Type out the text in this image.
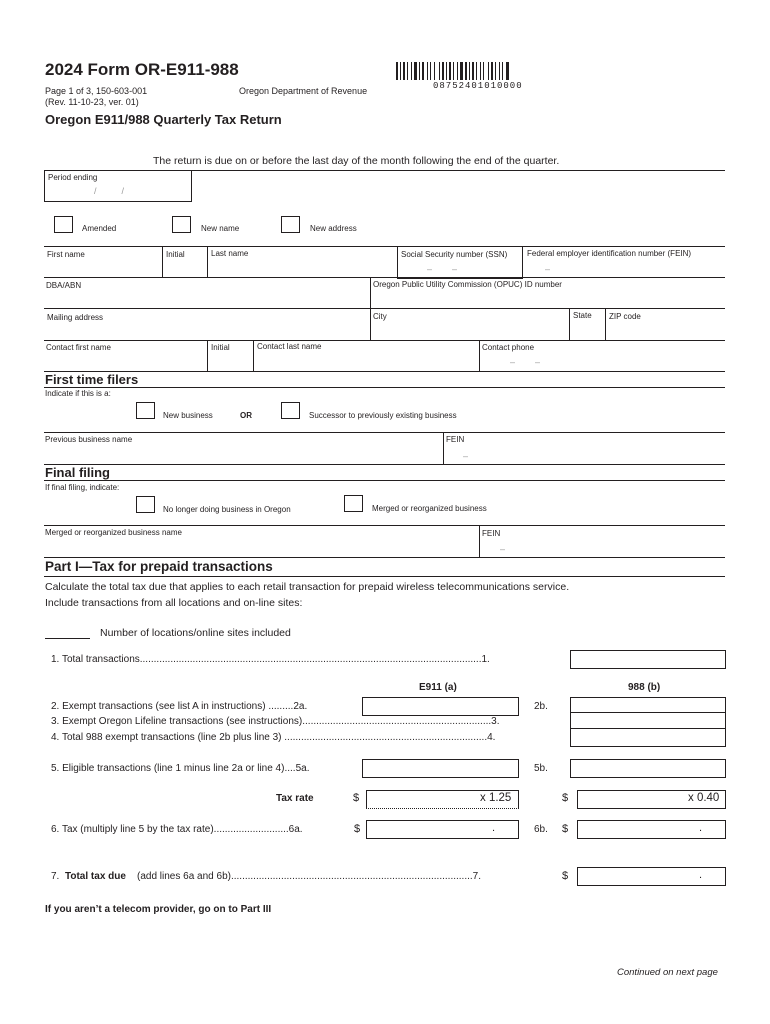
2024 Form OR-E911-988
Page 1 of 3, 150-603-001
(Rev. 11-10-23, ver. 01)
Oregon Department of Revenue	08752401010000
Oregon E911/988 Quarterly Tax Return
The return is due on or before the last day of the month following the end of the quarter.
Period ending
/          /
Amended	New name	New address
First name	Initial	Last name	Social Security number (SSN)
–        –
Federal employer identification number (FEIN)
–
DBA/ABN	Oregon Public Utility Commission (OPUC) ID number
Mailing address	City	State ZIP code
Contact first name	Initial	Contact last name	Contact phone
–        –
First time filers
Indicate if this is a:
New business	OR	Successor to previously existing business
Previous business name	FEIN
–
Final filing
If final filing, indicate:
No longer doing business in Oregon	Merged or reorganized business
Merged or reorganized business name	FEIN
–
Part I—Tax for prepaid transactions
Calculate the total tax due that applies to each retail transaction for prepaid wireless telecommunications service.
Include transactions from all locations and on-line sites:
Number of locations/online sites included
1. Total transactions...........................................................................................................................1.
E911 (a)	988 (b)
2. Exempt transactions (see list A in instructions) .........2a.	2b.
3. Exempt Oregon Lifeline transactions (see instructions)....................................................................3.
4. Total 988 exempt transactions (line 2b plus line 3) .........................................................................4.
5. Eligible transactions (line 1 minus line 2a or line 4)....5a.	5b.
Tax rate	$	x 1.25	$	x 0.40
6. Tax (multiply line 5 by the tax rate)...........................6a.	$	.	6b. $	.
7. Total tax due (add lines 6a and 6b).......................................................................................7.	$	.
If you aren’t a telecom provider, go on to Part III
Continued on next page
